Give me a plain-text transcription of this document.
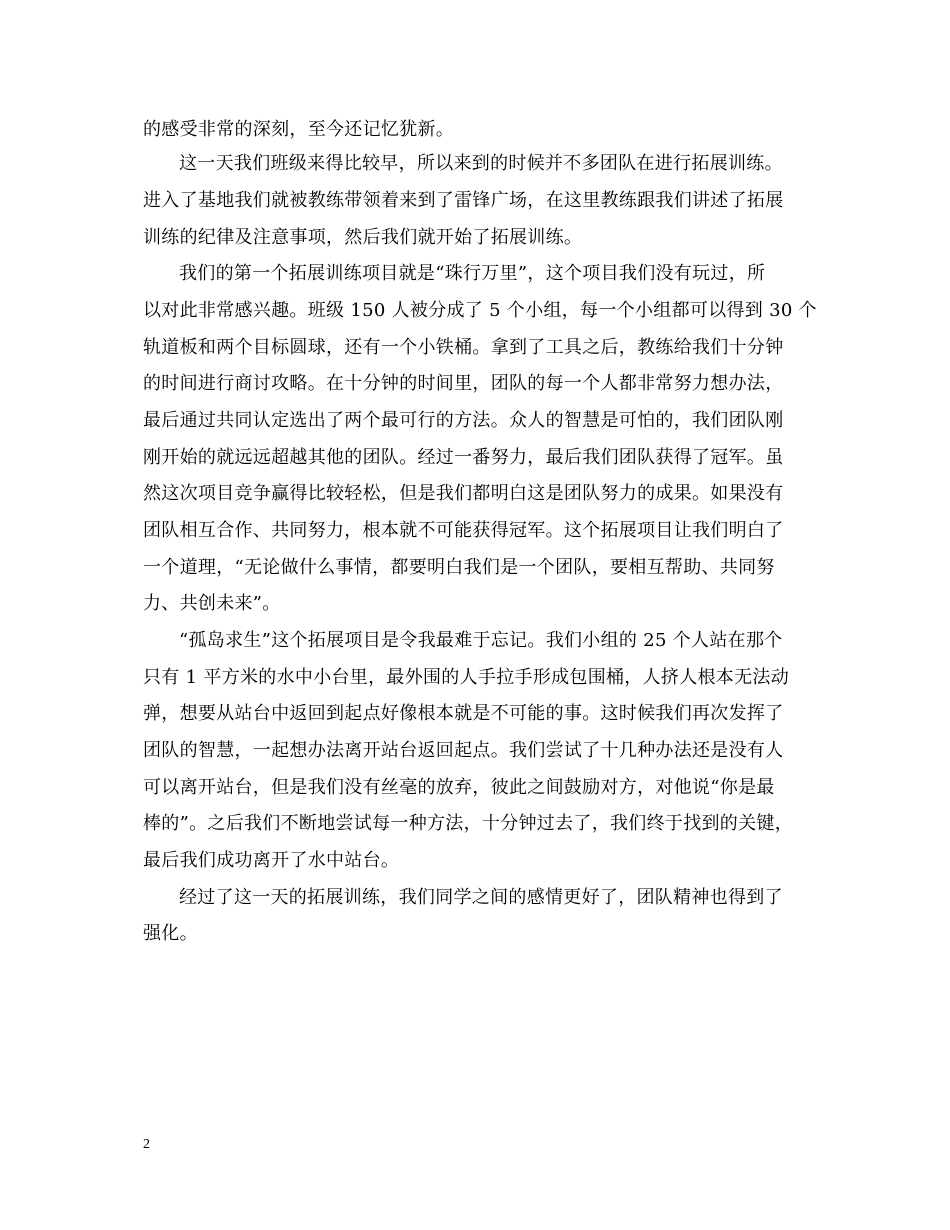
的感受非常的深刻，至今还记忆犹新。
这一天我们班级来得比较早，所以来到的时候并不多团队在进行拓展训练。
进入了基地我们就被教练带领着来到了雷锋广场，在这里教练跟我们讲述了拓展
训练的纪律及注意事项，然后我们就开始了拓展训练。
我们的第一个拓展训练项目就是“珠行万里”，这个项目我们没有玩过，所
以对此非常感兴趣。班级 150 人被分成了 5 个小组，每一个小组都可以得到 30 个
轨道板和两个目标圆球，还有一个小铁桶。拿到了工具之后，教练给我们十分钟
的时间进行商讨攻略。在十分钟的时间里，团队的每一个人都非常努力想办法，
最后通过共同认定选出了两个最可行的方法。众人的智慧是可怕的，我们团队刚
刚开始的就远远超越其他的团队。经过一番努力，最后我们团队获得了冠军。虽
然这次项目竞争赢得比较轻松，但是我们都明白这是团队努力的成果。如果没有
团队相互合作、共同努力，根本就不可能获得冠军。这个拓展项目让我们明白了
一个道理，“无论做什么事情，都要明白我们是一个团队，要相互帮助、共同努
力、共创未来”。
“孤岛求生”这个拓展项目是令我最难于忘记。我们小组的 25 个人站在那个
只有 1 平方米的水中小台里，最外围的人手拉手形成包围桶，人挤人根本无法动
弹，想要从站台中返回到起点好像根本就是不可能的事。这时候我们再次发挥了
团队的智慧，一起想办法离开站台返回起点。我们尝试了十几种办法还是没有人
可以离开站台，但是我们没有丝毫的放弃，彼此之间鼓励对方，对他说“你是最
棒的”。之后我们不断地尝试每一种方法，十分钟过去了，我们终于找到的关键，
最后我们成功离开了水中站台。
经过了这一天的拓展训练，我们同学之间的感情更好了，团队精神也得到了
强化。
2
